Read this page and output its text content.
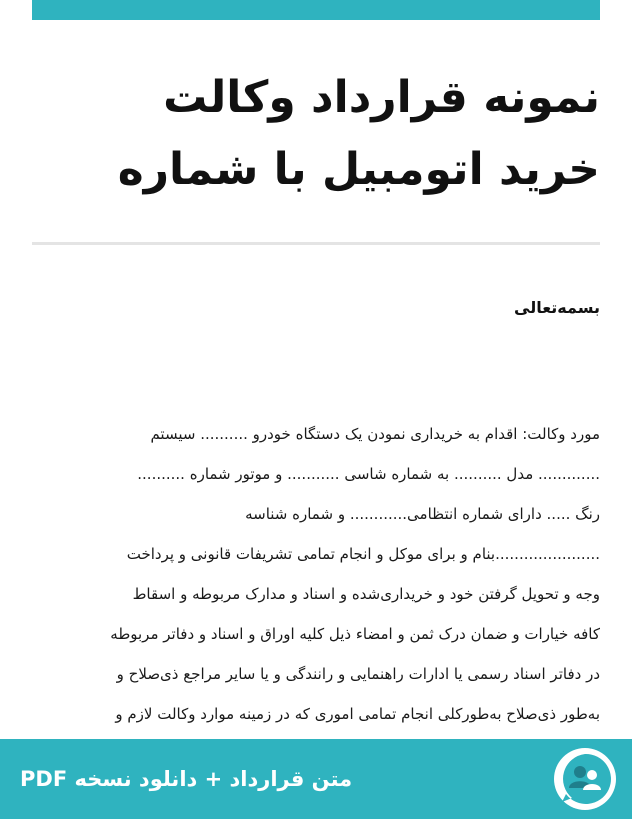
نمونه قرارداد وکالت
خرید اتومبیل با شماره
بسمه‌تعالی
مورد وکالت: اقدام به خریداری نمودن یک دستگاه خودرو .......... سیستم
............. مدل .......... به شماره شاسی ........... و موتور شماره ..........
رنگ ..... دارای شماره انتظامی............ و شماره شناسه
......................بنام و برای موکل و انجام تمامی تشریفات قانونی و پرداخت
وجه و تحویل گرفتن خود و خریداری‌شده و اسناد و مدارک مربوطه و اسقاط
کافه خیارات و ضمان درک ثمن و امضاء ذیل کلیه اوراق و اسناد و دفاتر مربوطه
در دفاتر اسناد رسمی یا ادارات راهنمایی و رانندگی و یا سایر مراجع ذی‌صلاح و
به‌طور ذی‌صلاح به‌طورکلی انجام تمامی اموری که در زمینه موارد وکالت لازم و
متن قرارداد + دانلود نسخه PDF
